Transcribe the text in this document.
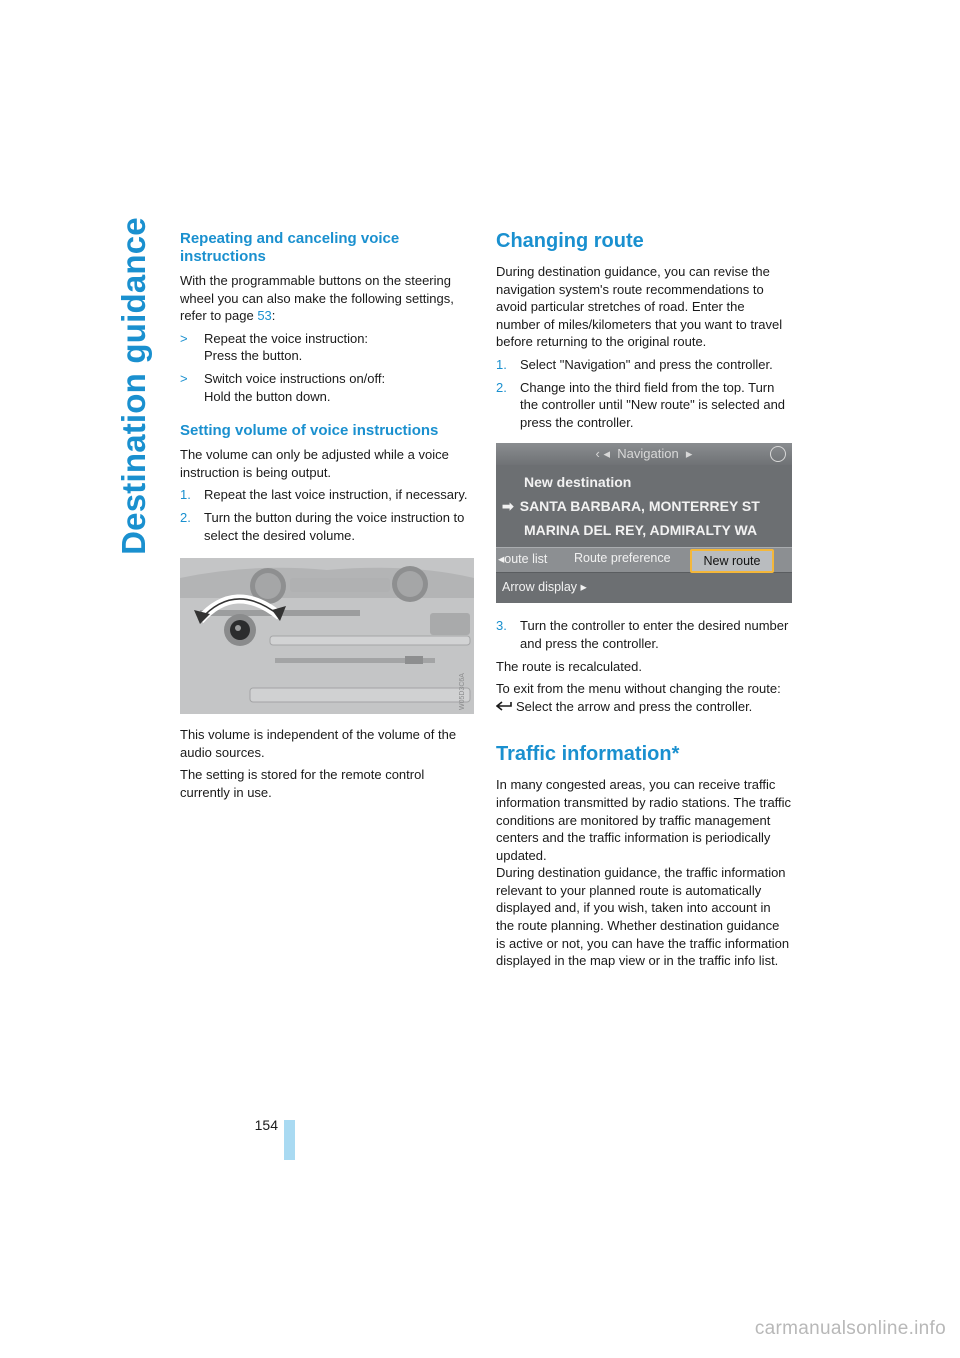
Destination guidance Repeating and canceling voice instructions

With the programmable buttons on the steering wheel you can also make the following settings, refer to page 53:

> Repeat the voice instruction:
Press the button.
> Switch voice instructions on/off:
Hold the button down.
Setting volume of voice instructions

The volume can only be adjusted while a voice instruction is being output.

1. Repeat the last voice instruction, if necessary.
2. Turn the button during the voice instruction to select the desired volume.
W05D3C6A

This volume is independent of the volume of the audio sources.

The setting is stored for the remote control currently in use.

Changing route

During destination guidance, you can revise the navigation system's route recommendations to avoid particular stretches of road. Enter the number of miles/kilometers that you want to travel before returning to the original route.

1. Select "Navigation" and press the controller.
2. Change into the third field from the top. Turn the controller until "New route" is selected and press the controller.
‹ ◂ Navigation ▸
New destination
➡ SANTA BARBARA, MONTERREY ST
MARINA DEL REY, ADMIRALTY WA
◂oute list	Route preference	New route
Arrow display ▸
3. Turn the controller to enter the desired number and press the controller.

The route is recalculated.

To exit from the menu without changing the route:
Select the arrow and press the controller.

Traffic information*

In many congested areas, you can receive traffic information transmitted by radio stations. The traffic conditions are monitored by traffic management centers and the traffic information is periodically updated.

During destination guidance, the traffic information relevant to your planned route is automatically displayed and, if you wish, taken into account in the route planning. Whether destination guidance is active or not, you can have the traffic information displayed in the map view or in the traffic info list.

154
carmanualsonline.info
